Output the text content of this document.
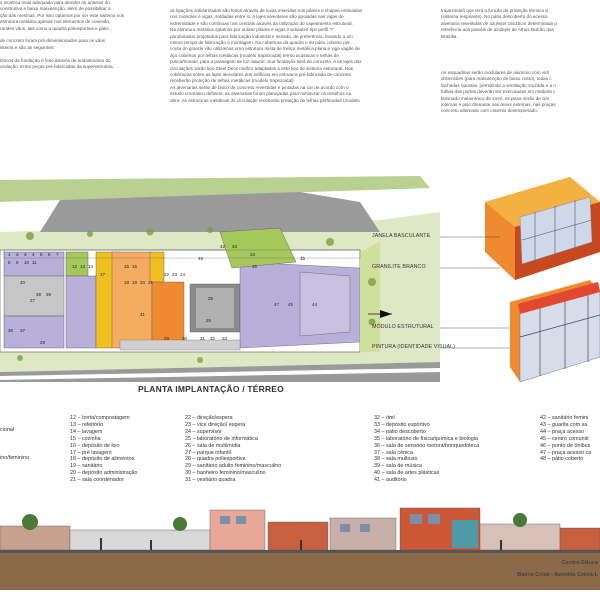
s mostrou mais adequada para atender os anseios do
construtiva e baixa manutenção, além de possibilitar a
ção das mesmas. Por isso optamos por ser este sistema nos
estrutura metálica apenas nos elementos de conexão,
randes vãos, tais como a quadra poliesportiva e pátio

de concreto foram pré-dimensionados para os vãos
istema e são as seguintes:

blocos de fundação é feito através de embutimento do
undação. Entre peças pré-fabricadas da superestrutura,
as ligações solidarizadas são feitos através de luvas inseridas nos pilares e chapas embutidas
nos consoles e vigas, soldadas entre si. A lajes alveolares são apoiadas nas vigas de
extremidade e são contínuas nos centrais através da utilização do capeamento estrutural.
Na estrutura metálica optamos por utilizar pilares e vigas modulares tipo perfil "I"
parafusados projetados para fabricação industrial e seriada, de preferência, levando a um
menor tempo de fabricação e montagem. Na cobertura da quadra e do pátio coberto por
conta do grande vão utilizamos uma estrutura mista de treliça metálica plana e viga vagão de
aço cobertos por telhas metálicas (modelo trapezoidal) termo acústicas e telhas de
policarbonato, para a passagem de luz natural. Sua fundação será de concreto, e as lajes das
circulações serão tipo Steel Deck melhor adaptadas a este tipo de sistema estrutural. Nas
coberturas sobre as lajes alveolares dos edifícios em estrutura pré-fabricada de concreto
receberão proteção de telhas metálicas (modelo trapezoidal).
As alvenarias serão de bloco de concreto revestidas e pintadas na cor de acordo com o
estudo cromático definido, as alvenarias foram planejadas para minimizar os entulhos na
obra. As estruturas metálicas de circulação receberão proteção de telhas perfuradas (modelo
trapezoidal) que terá a função de proteção térmica d
(sistema respirante). No pátio descoberto do acesso
alvenaria revestidas de azulejos 15x15cm determinada p
referência aos painéis de azulejos de Athos Bulcão que
Brasília.
As esquadrias serão modulares de alumínio com vidr
dimensões (para manutenção de baixo custo), todas c
fachadas opostas, permitindo a ventilação cruzada e a n
folhas das portas deverão ser executadas em madeira c
laminado melamínico de 1mm, os pisos serão de cim
internas e piso drenante nas áreas externas, nas praças
concreto alternado com cimento desempenado.
1 2 3 4 5 6 7
8 9 10 11
12 13 14	15 16
17
18 19 20 21
22 23 24
25
26
27
28
29	30	31 32 33
34
35
36 37
38 39
40
41
42 43
44
45
46
47
48
PLANTA IMPLANTAÇÃO / TÉRREO
JANELA BASCULANTE
GRANILITE BRANCO
MÓDULO ESTRUTURAL
PINTURA (IDENTIDADE VISUAL)
cional

ino/feminino
12 – horta/compostagem
13 – refeitório
14 – lavagem
15 – cozinha
16 – depósito de lixo
17 – pré lavagem
18 – depósito de alimentos
19 – sanitário
20 – depósito administração
21 – sala coordenador
22 – direção/espera
23 – vice direção/ espera
24 – supervisor
25 – laboratório de informática
26 – sala de multimídia
27 – parque infantil
28 – quadra poliesportiva
29 – sanitário adulto feminino/masculino
30 – banheiro feminino/masculino
31 – vestiário quadra
32 – dml
33 – depósito esportivo
34 – pátio descoberto
35 – laboratório de física/química e biologia
36 – sala de sensório motora/brinquedoteca
37 – sala cênica
38 – sala multiuso
39 – sala de música
40 – sala de artes plásticas
41 – auditório
42 – sanitário femini
43 – guarita com sa
44 – praça acesso
45 – centro comuniti
46 – ponto de ônibus
47 – praça acesso ca
48 – pátio coberto
Centro Educa
Bairro Crixá - Avenida Criixá-L
